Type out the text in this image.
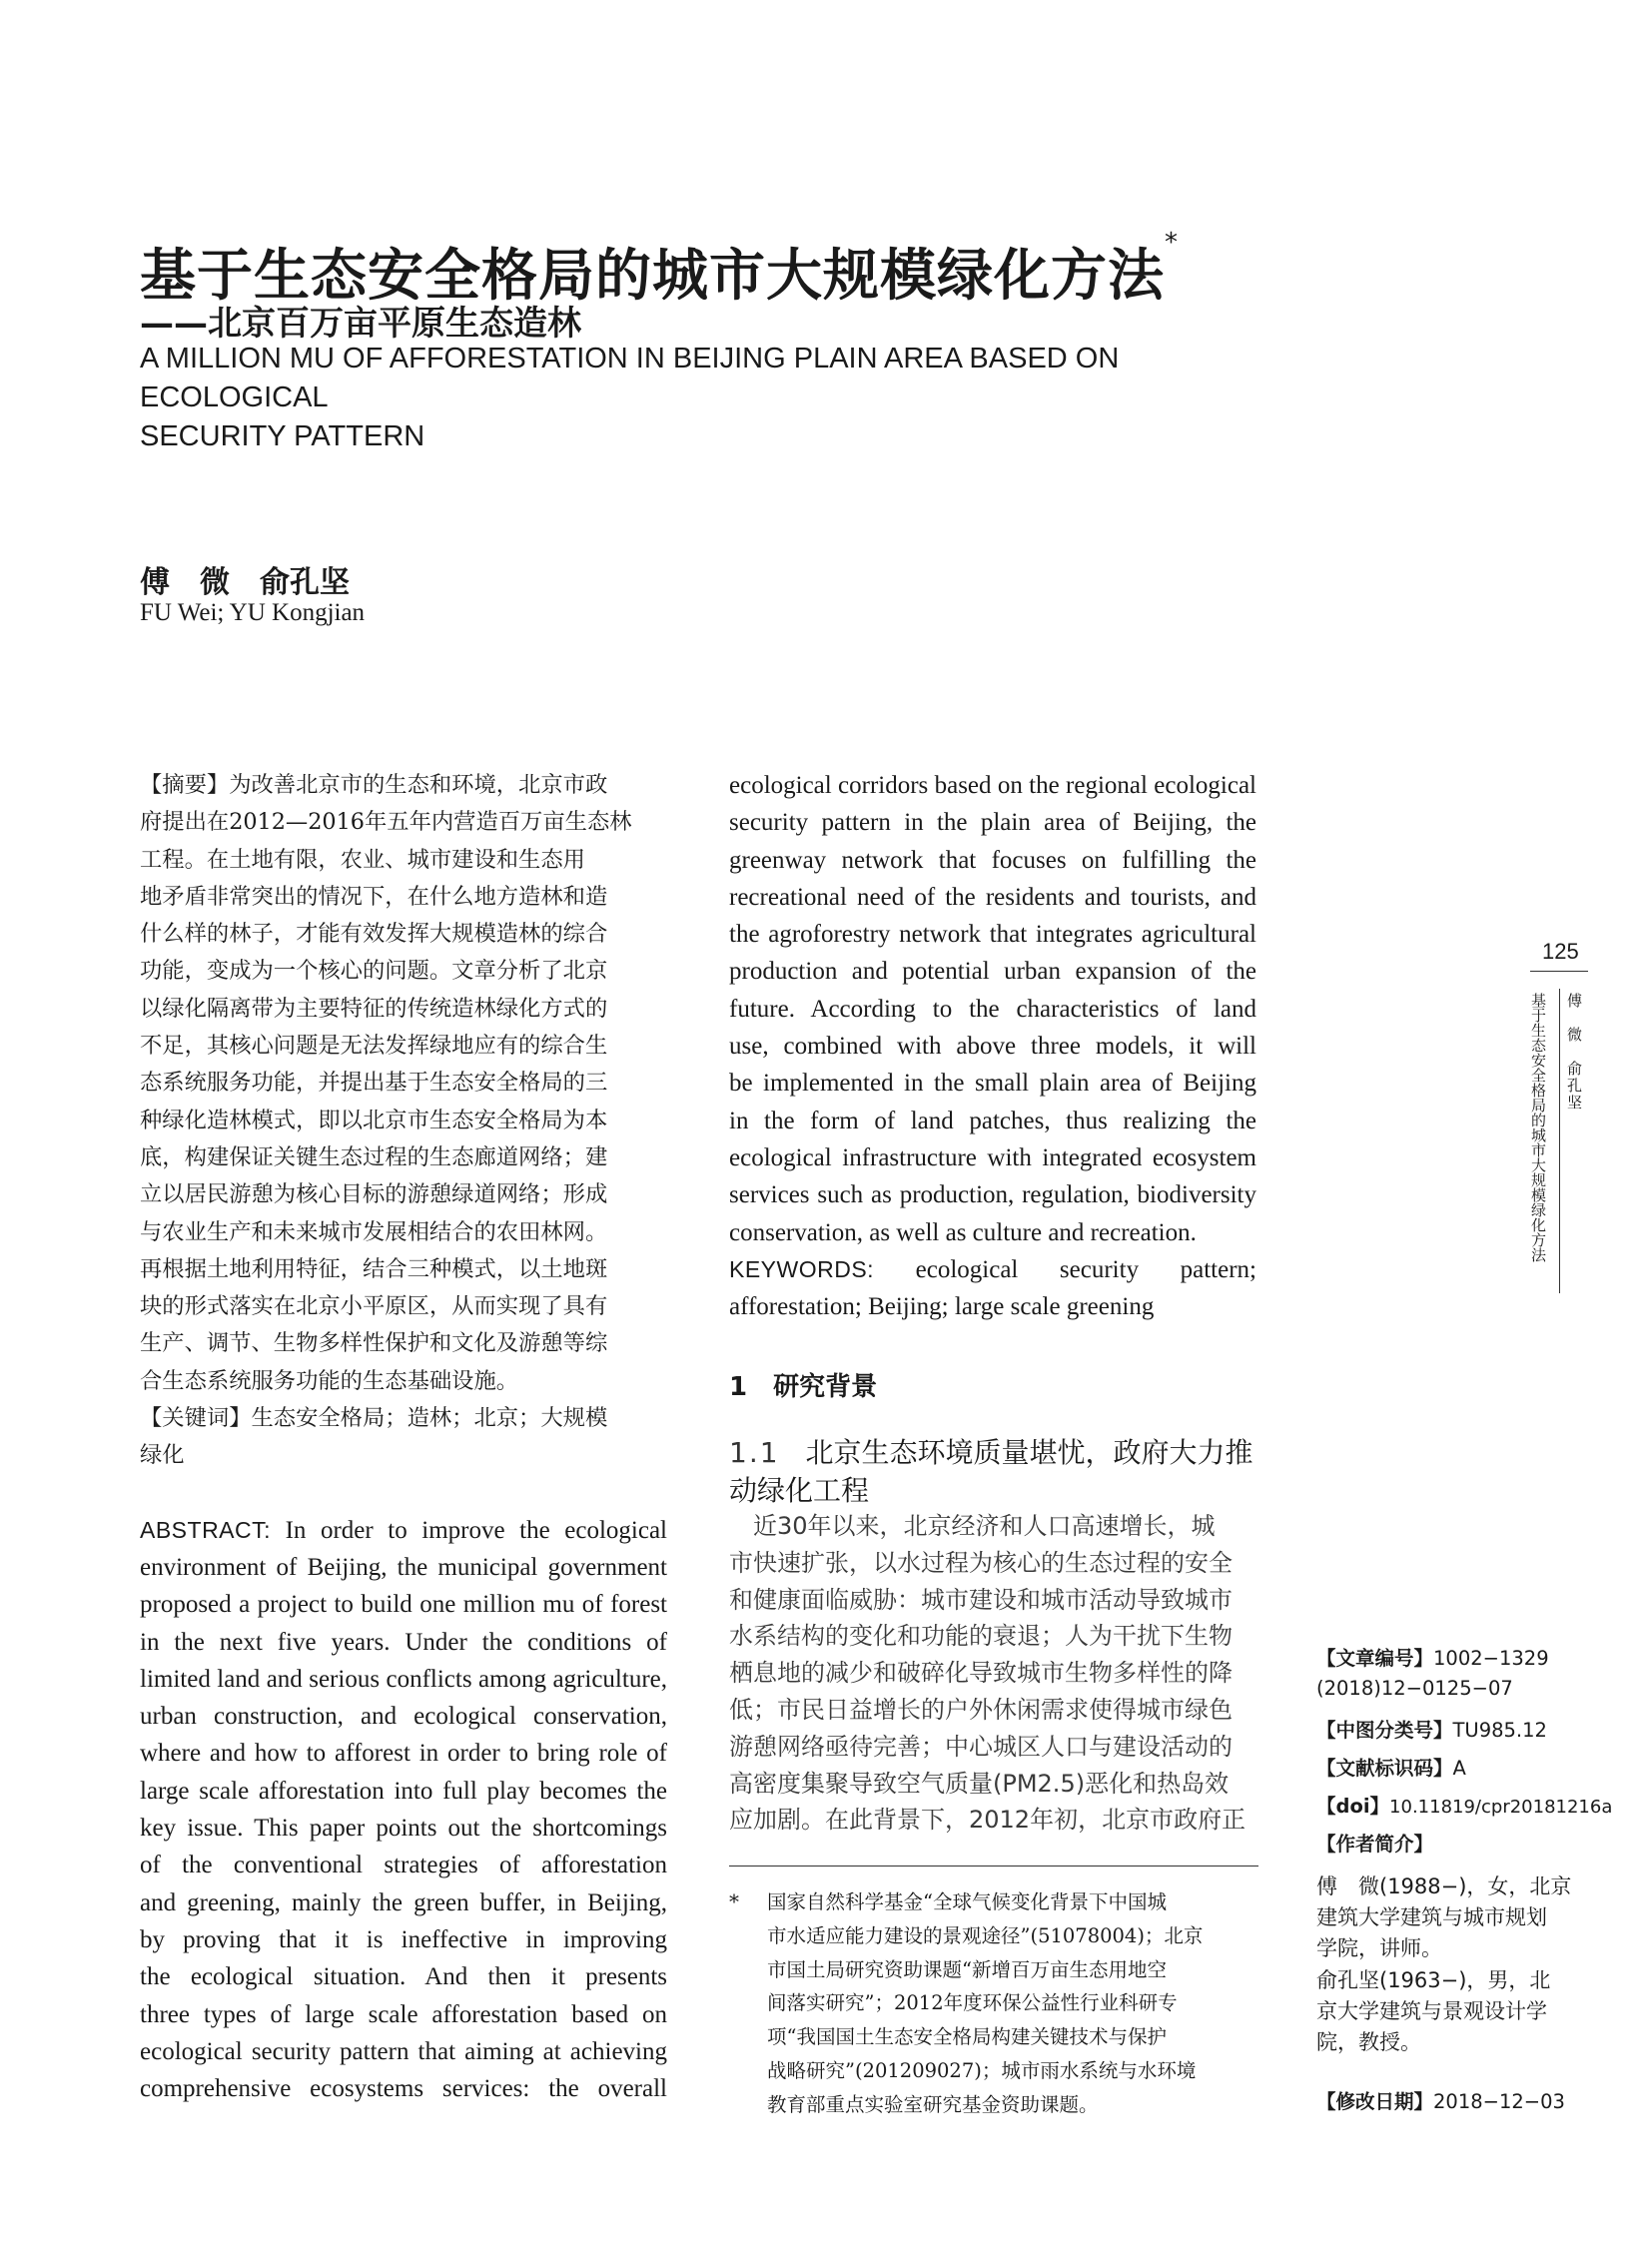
基于生态安全格局的城市大规模绿化方法*
——北京百万亩平原生态造林
A MILLION MU OF AFFORESTATION IN BEIJING PLAIN AREA BASED ON ECOLOGICAL
SECURITY PATTERN
傅　微　俞孔坚
FU Wei; YU Kongjian
【摘要】为改善北京市的生态和环境，北京市政
府提出在2012—2016年五年内营造百万亩生态林
工程。在土地有限，农业、城市建设和生态用
地矛盾非常突出的情况下，在什么地方造林和造
什么样的林子，才能有效发挥大规模造林的综合
功能，变成为一个核心的问题。文章分析了北京
以绿化隔离带为主要特征的传统造林绿化方式的
不足，其核心问题是无法发挥绿地应有的综合生
态系统服务功能，并提出基于生态安全格局的三
种绿化造林模式，即以北京市生态安全格局为本
底，构建保证关键生态过程的生态廊道网络；建
立以居民游憩为核心目标的游憩绿道网络；形成
与农业生产和未来城市发展相结合的农田林网。
再根据土地利用特征，结合三种模式，以土地斑
块的形式落实在北京小平原区，从而实现了具有
生产、调节、生物多样性保护和文化及游憩等综
合生态系统服务功能的生态基础设施。
【关键词】生态安全格局；造林；北京；大规模
绿化
ABSTRACT: In order to improve the ecological
environment of Beijing, the municipal government
proposed a project to build one million mu of forest
in the next five years. Under the conditions of
limited land and serious conflicts among agriculture,
urban construction, and ecological conservation,
where and how to afforest in order to bring role of
large scale afforestation into full play becomes the
key issue. This paper points out the shortcomings
of the conventional strategies of afforestation
and greening, mainly the green buffer, in Beijing,
by proving that it is ineffective in improving
the ecological situation. And then it presents
three types of large scale afforestation based on
ecological security pattern that aiming at achieving
comprehensive ecosystems services: the overall
ecological corridors based on the regional ecological
security pattern in the plain area of Beijing, the
greenway network that focuses on fulfilling the
recreational need of the residents and tourists, and
the agroforestry network that integrates agricultural
production and potential urban expansion of the
future. According to the characteristics of land
use, combined with above three models, it will
be implemented in the small plain area of Beijing
in the form of land patches, thus realizing the
ecological infrastructure with integrated ecosystem
services such as production, regulation, biodiversity
conservation, as well as culture and recreation.
KEYWORDS: ecological security pattern;
afforestation; Beijing; large scale greening
1　研究背景
1.1 北京生态环境质量堪忧，政府大力推
动绿化工程
　近30年以来，北京经济和人口高速增长，城
市快速扩张，以水过程为核心的生态过程的安全
和健康面临威胁：城市建设和城市活动导致城市
水系结构的变化和功能的衰退；人为干扰下生物
栖息地的减少和破碎化导致城市生物多样性的降
低；市民日益增长的户外休闲需求使得城市绿色
游憩网络亟待完善；中心城区人口与建设活动的
高密度集聚导致空气质量(PM2.5)恶化和热岛效
应加剧。在此背景下，2012年初，北京市政府正
* 国家自然科学基金“全球气候变化背景下中国城
市水适应能力建设的景观途径”(51078004)；北京
市国土局研究资助课题“新增百万亩生态用地空
间落实研究”；2012年度环保公益性行业科研专
项“我国国土生态安全格局构建关键技术与保护
战略研究”(201209027)；城市雨水系统与水环境
教育部重点实验室研究基金资助课题。
125
傅　微　俞孔坚
基于生态安全格局的城市大规模绿化方法
【文章编号】1002−1329
(2018)12−0125−07
【中图分类号】TU985.12
【文献标识码】A
【doi】10.11819/cpr20181216a
【作者简介】
傅　微(1988−)，女，北京
建筑大学建筑与城市规划
学院，讲师。
俞孔坚(1963−)，男，北
京大学建筑与景观设计学
院，教授。
【修改日期】2018−12−03
